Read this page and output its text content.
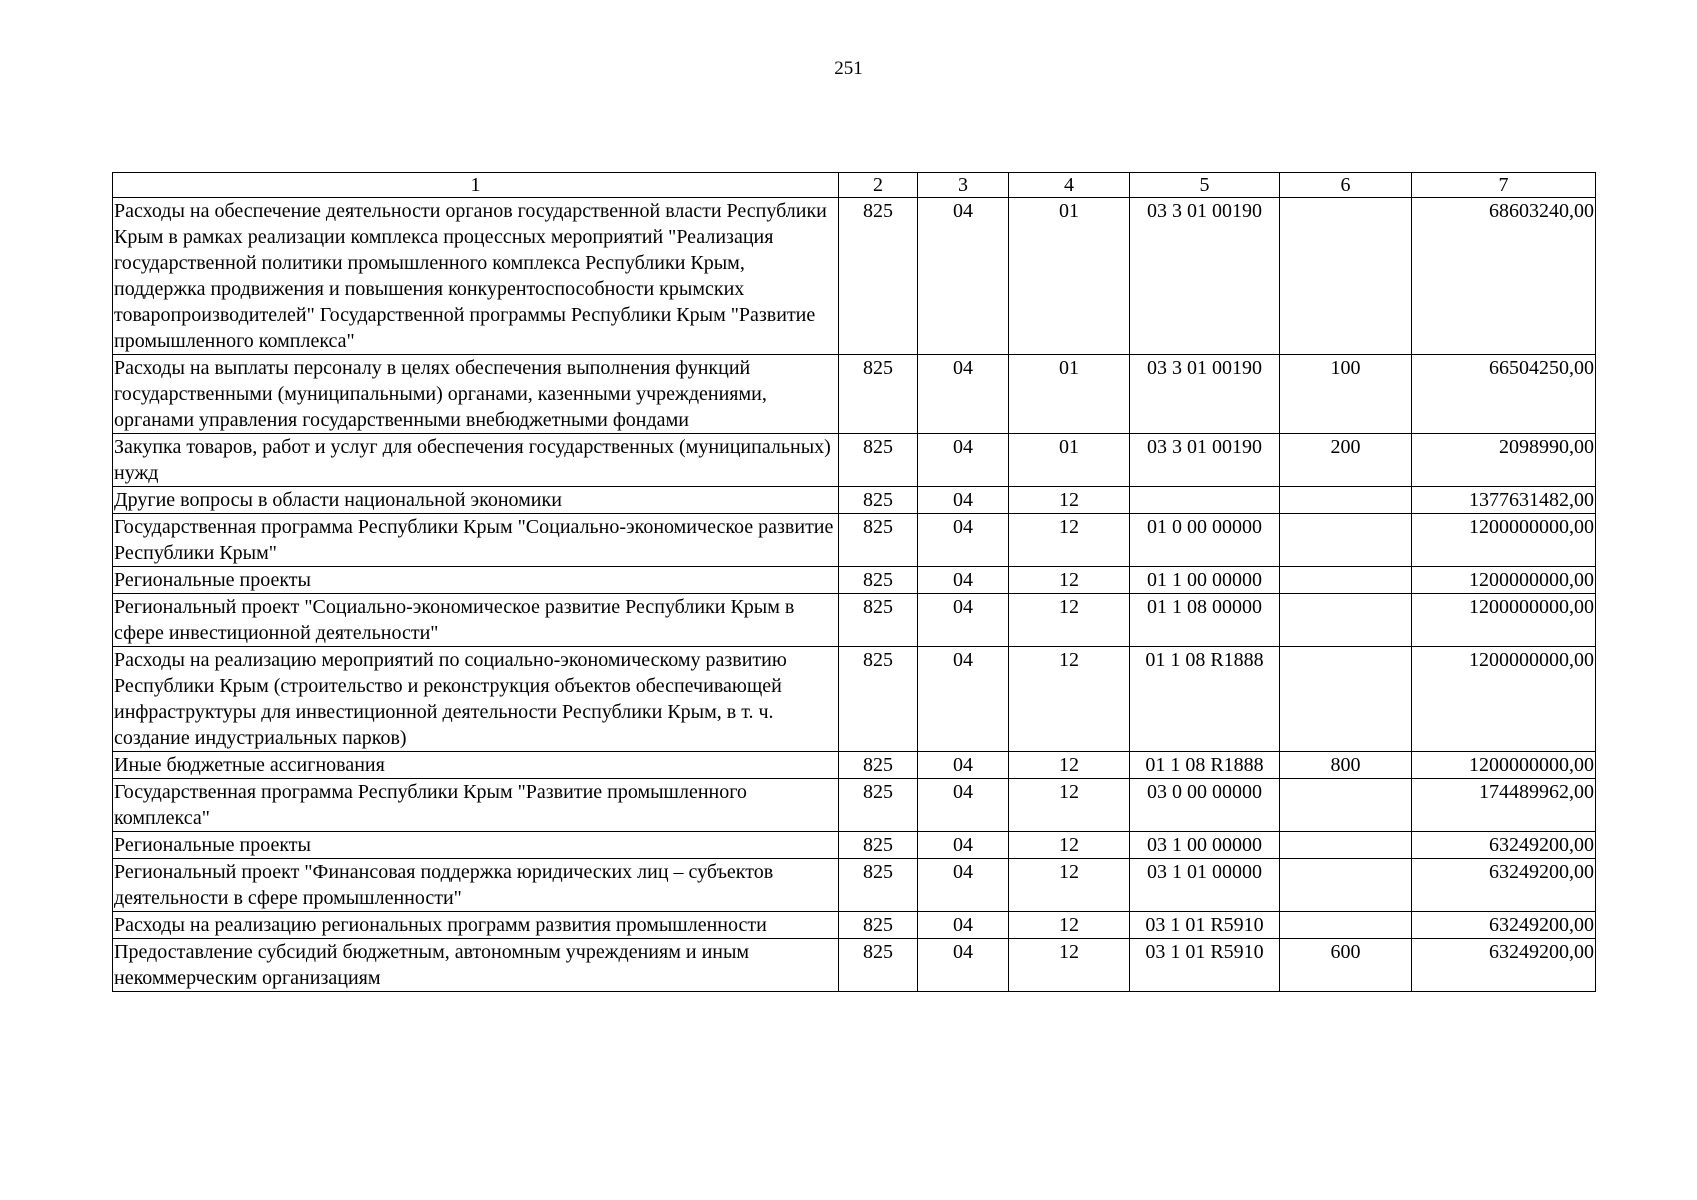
251
1	2	3	4	5	6	7
Расходы на обеспечение деятельности органов государственной власти Республики Крым в рамках реализации комплекса процессных мероприятий "Реализация государственной политики промышленного комплекса Республики Крым, поддержка продвижения и повышения конкурентоспособности крымских товаропроизводителей" Государственной программы Республики Крым "Развитие промышленного комплекса"	825	04	01	03 3 01 00190		68603240,00
Расходы на выплаты персоналу в целях обеспечения выполнения функций государственными (муниципальными) органами, казенными учреждениями, органами управления государственными внебюджетными фондами	825	04	01	03 3 01 00190	100	66504250,00
Закупка товаров, работ и услуг для обеспечения государственных (муниципальных) нужд	825	04	01	03 3 01 00190	200	2098990,00
Другие вопросы в области национальной экономики	825	04	12			1377631482,00
Государственная программа Республики Крым "Социально-экономическое развитие Республики Крым"	825	04	12	01 0 00 00000		1200000000,00
Региональные проекты	825	04	12	01 1 00 00000		1200000000,00
Региональный проект "Социально-экономическое развитие Республики Крым в сфере инвестиционной деятельности"	825	04	12	01 1 08 00000		1200000000,00
Расходы на реализацию мероприятий по социально-экономическому развитию Республики Крым (строительство и реконструкция объектов обеспечивающей инфраструктуры для инвестиционной деятельности Республики Крым, в т. ч. создание индустриальных парков)	825	04	12	01 1 08 R1888		1200000000,00
Иные бюджетные ассигнования	825	04	12	01 1 08 R1888	800	1200000000,00
Государственная программа Республики Крым "Развитие промышленного комплекса"	825	04	12	03 0 00 00000		174489962,00
Региональные проекты	825	04	12	03 1 00 00000		63249200,00
Региональный проект "Финансовая поддержка юридических лиц – субъектов деятельности в сфере промышленности"	825	04	12	03 1 01 00000		63249200,00
Расходы на реализацию региональных программ развития промышленности	825	04	12	03 1 01 R5910		63249200,00
Предоставление субсидий бюджетным, автономным учреждениям и иным некоммерческим организациям	825	04	12	03 1 01 R5910	600	63249200,00
